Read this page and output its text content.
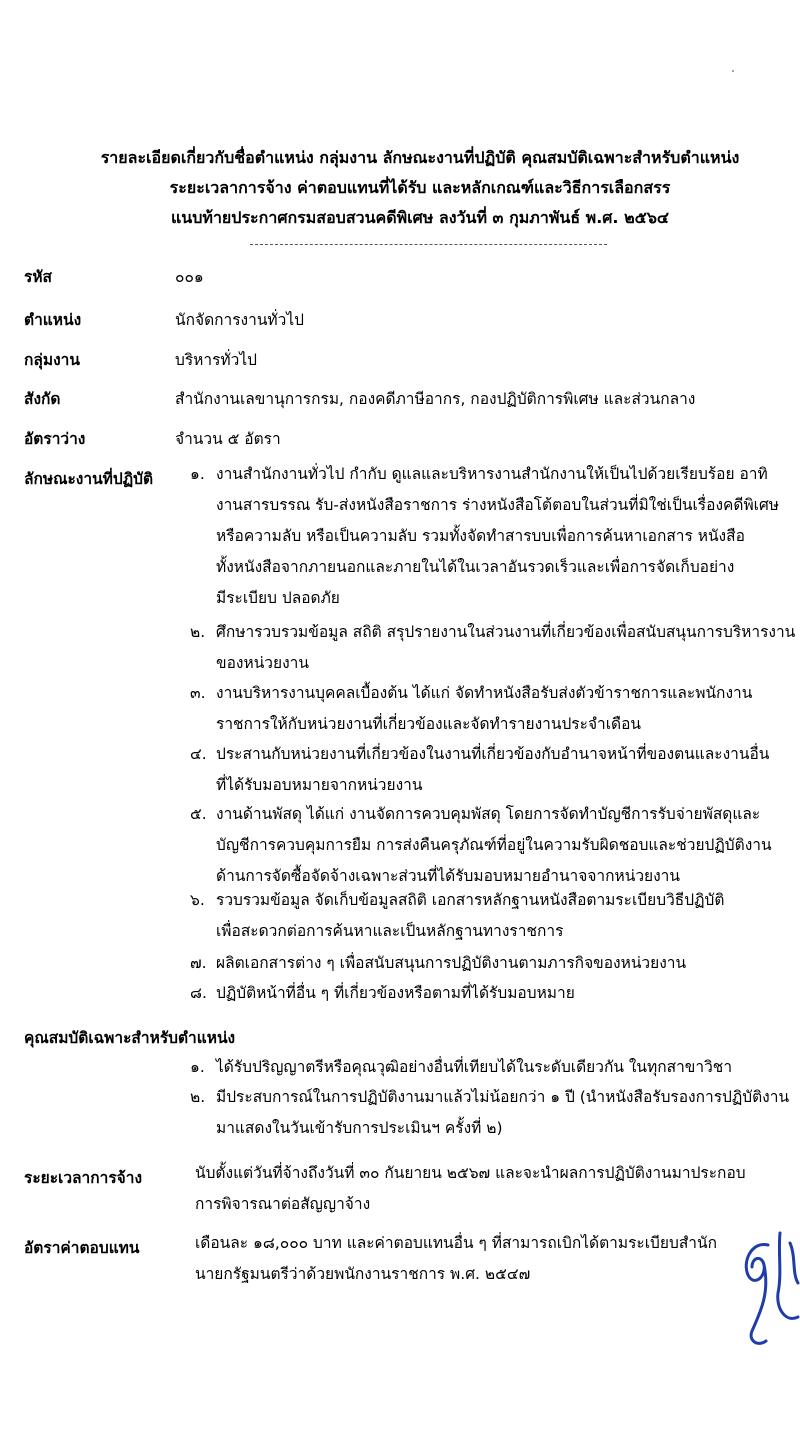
รายละเอียดเกี่ยวกับชื่อตำแหน่ง กลุ่มงาน ลักษณะงานที่ปฏิบัติ คุณสมบัติเฉพาะสำหรับตำแหน่ง
ระยะเวลาการจ้าง ค่าตอบแทนที่ได้รับ และหลักเกณฑ์และวิธีการเลือกสรร
แนบท้ายประกาศกรมสอบสวนคดีพิเศษ ลงวันที่ ๓ กุมภาพันธ์ พ.ศ. ๒๕๖๔
รหัส	๐๐๑
ตำแหน่ง	นักจัดการงานทั่วไป
กลุ่มงาน	บริหารทั่วไป
สังกัด	สำนักงานเลขานุการกรม, กองคดีภาษีอากร, กองปฏิบัติการพิเศษ และส่วนกลาง
อัตราว่าง	จำนวน ๕ อัตรา
ลักษณะงานที่ปฏิบัติ ๑. งานสำนักงานทั่วไป กำกับ ดูแลและบริหารงานสำนักงานให้เป็นไปด้วยเรียบร้อย อาทิ
งานสารบรรณ รับ-ส่งหนังสือราชการ ร่างหนังสือโต้ตอบในส่วนที่มิใช่เป็นเรื่องคดีพิเศษ
หรือความลับ หรือเป็นความลับ รวมทั้งจัดทำสารบบเพื่อการค้นหาเอกสาร หนังสือ
ทั้งหนังสือจากภายนอกและภายในได้ในเวลาอันรวดเร็วและเพื่อการจัดเก็บอย่าง
มีระเบียบ ปลอดภัย
๒. ศึกษารวบรวมข้อมูล สถิติ สรุปรายงานในส่วนงานที่เกี่ยวข้องเพื่อสนับสนุนการบริหารงาน
ของหน่วยงาน
๓. งานบริหารงานบุคคลเบื้องต้น ได้แก่ จัดทำหนังสือรับส่งตัวข้าราชการและพนักงาน
ราชการให้กับหน่วยงานที่เกี่ยวข้องและจัดทำรายงานประจำเดือน
๔. ประสานกับหน่วยงานที่เกี่ยวข้องในงานที่เกี่ยวข้องกับอำนาจหน้าที่ของตนและงานอื่น
ที่ได้รับมอบหมายจากหน่วยงาน
๕. งานด้านพัสดุ ได้แก่ งานจัดการควบคุมพัสดุ โดยการจัดทำบัญชีการรับจ่ายพัสดุและ
บัญชีการควบคุมการยืม การส่งคืนครุภัณฑ์ที่อยู่ในความรับผิดชอบและช่วยปฏิบัติงาน
ด้านการจัดซื้อจัดจ้างเฉพาะส่วนที่ได้รับมอบหมายอำนาจจากหน่วยงาน
๖. รวบรวมข้อมูล จัดเก็บข้อมูลสถิติ เอกสารหลักฐานหนังสือตามระเบียบวิธีปฏิบัติ
เพื่อสะดวกต่อการค้นหาและเป็นหลักฐานทางราชการ
๗. ผลิตเอกสารต่าง ๆ เพื่อสนับสนุนการปฏิบัติงานตามภารกิจของหน่วยงาน
๘. ปฏิบัติหน้าที่อื่น ๆ ที่เกี่ยวข้องหรือตามที่ได้รับมอบหมาย
คุณสมบัติเฉพาะสำหรับตำแหน่ง
๑. ได้รับปริญญาตรีหรือคุณวุฒิอย่างอื่นที่เทียบได้ในระดับเดียวกัน ในทุกสาขาวิชา
๒. มีประสบการณ์ในการปฏิบัติงานมาแล้วไม่น้อยกว่า ๑ ปี (นำหนังสือรับรองการปฏิบัติงาน
มาแสดงในวันเข้ารับการประเมินฯ ครั้งที่ ๒)
ระยะเวลาการจ้าง	นับตั้งแต่วันที่จ้างถึงวันที่ ๓๐ กันยายน ๒๕๖๗ และจะนำผลการปฏิบัติงานมาประกอบ
การพิจารณาต่อสัญญาจ้าง
อัตราค่าตอบแทน	เดือนละ ๑๘,๐๐๐ บาท และค่าตอบแทนอื่น ๆ ที่สามารถเบิกได้ตามระเบียบสำนัก
นายกรัฐมนตรีว่าด้วยพนักงานราชการ พ.ศ. ๒๕๔๗
